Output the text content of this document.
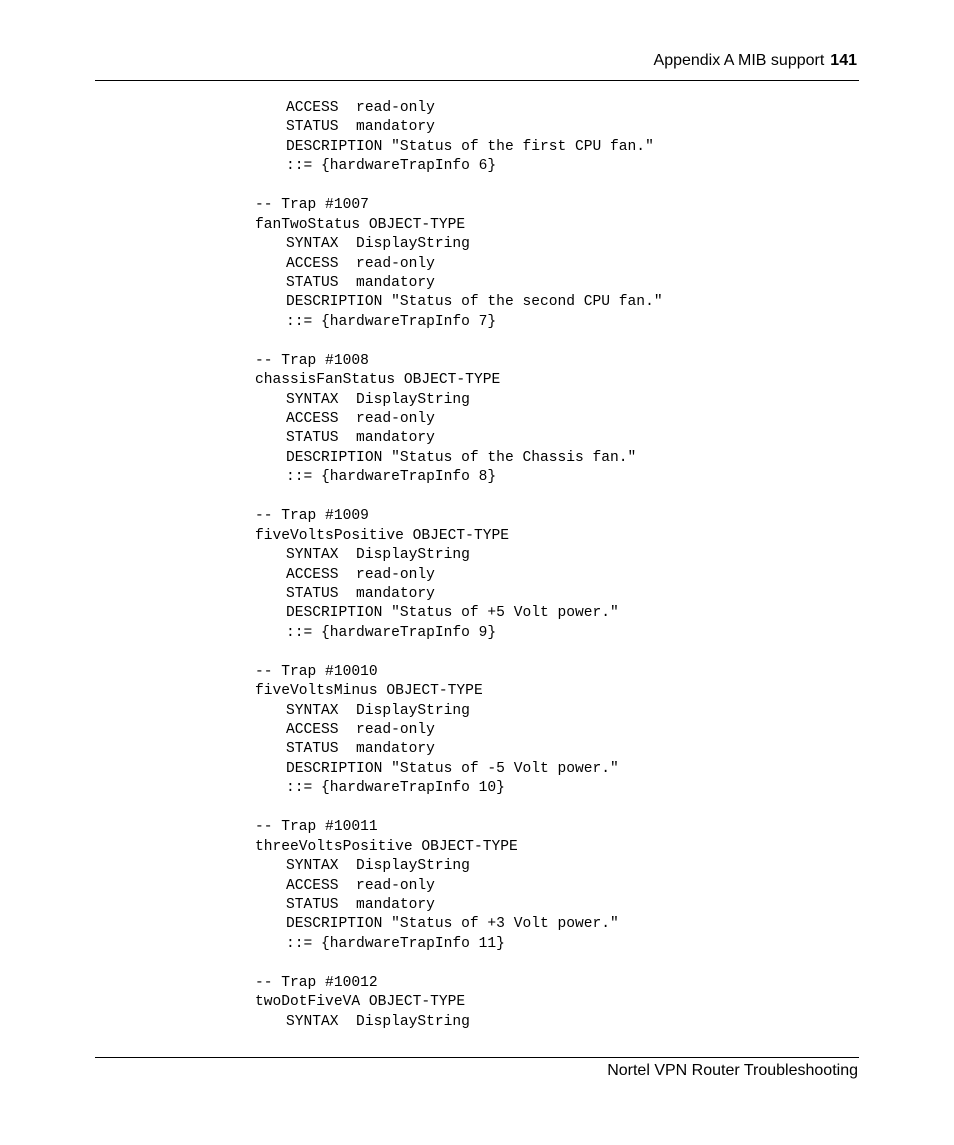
Appendix A MIB support 141
ACCESS  read-only
STATUS  mandatory
DESCRIPTION "Status of the first CPU fan."
::= {hardwareTrapInfo 6}
-- Trap #1007
fanTwoStatus OBJECT-TYPE
SYNTAX  DisplayString
ACCESS  read-only
STATUS  mandatory
DESCRIPTION "Status of the second CPU fan."
::= {hardwareTrapInfo 7}
-- Trap #1008
chassisFanStatus OBJECT-TYPE
SYNTAX  DisplayString
ACCESS  read-only
STATUS  mandatory
DESCRIPTION "Status of the Chassis fan."
::= {hardwareTrapInfo 8}
-- Trap #1009
fiveVoltsPositive OBJECT-TYPE
SYNTAX  DisplayString
ACCESS  read-only
STATUS  mandatory
DESCRIPTION "Status of +5 Volt power."
::= {hardwareTrapInfo 9}
-- Trap #10010
fiveVoltsMinus OBJECT-TYPE
SYNTAX  DisplayString
ACCESS  read-only
STATUS  mandatory
DESCRIPTION "Status of -5 Volt power."
::= {hardwareTrapInfo 10}
-- Trap #10011
threeVoltsPositive OBJECT-TYPE
SYNTAX  DisplayString
ACCESS  read-only
STATUS  mandatory
DESCRIPTION "Status of +3 Volt power."
::= {hardwareTrapInfo 11}
-- Trap #10012
twoDotFiveVA OBJECT-TYPE
SYNTAX  DisplayString
Nortel VPN Router Troubleshooting
